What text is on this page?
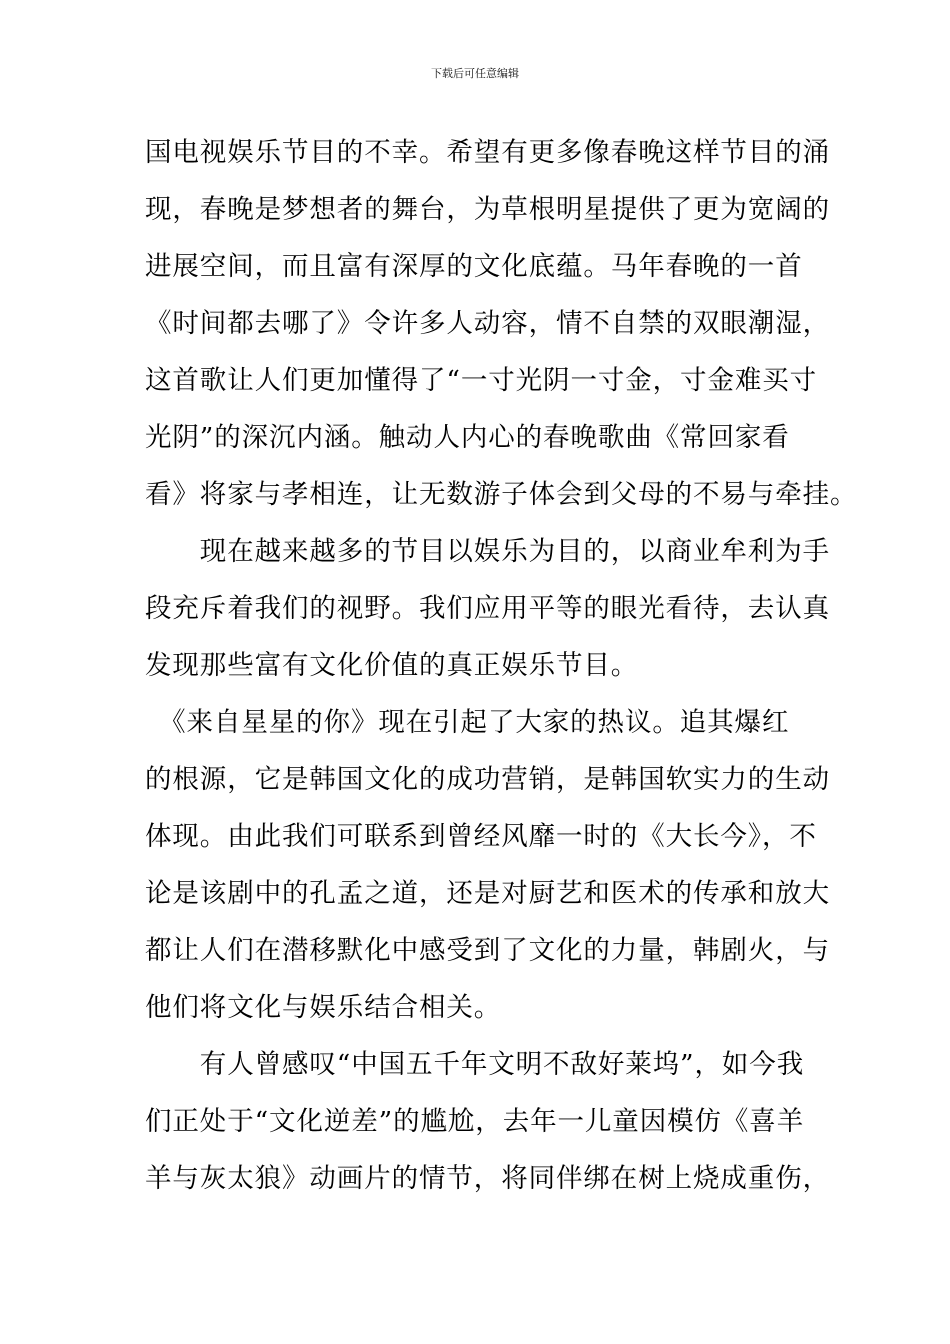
下载后可任意编辑
国电视娱乐节目的不幸。希望有更多像春晚这样节目的涌
现，春晚是梦想者的舞台，为草根明星提供了更为宽阔的
进展空间，而且富有深厚的文化底蕴。马年春晚的一首
《时间都去哪了》令许多人动容，情不自禁的双眼潮湿，
这首歌让人们更加懂得了“一寸光阴一寸金，寸金难买寸
光阴”的深沉内涵。触动人内心的春晚歌曲《常回家看
看》将家与孝相连，让无数游子体会到父母的不易与牵挂。
　　现在越来越多的节目以娱乐为目的，以商业牟利为手
段充斥着我们的视野。我们应用平等的眼光看待，去认真
发现那些富有文化价值的真正娱乐节目。
　《来自星星的你》现在引起了大家的热议。追其爆红
的根源，它是韩国文化的成功营销，是韩国软实力的生动
体现。由此我们可联系到曾经风靡一时的《大长今》，不
论是该剧中的孔孟之道，还是对厨艺和医术的传承和放大
都让人们在潜移默化中感受到了文化的力量，韩剧火，与
他们将文化与娱乐结合相关。
　　有人曾感叹“中国五千年文明不敌好莱坞”，如今我
们正处于“文化逆差”的尴尬，去年一儿童因模仿《喜羊
羊与灰太狼》动画片的情节，将同伴绑在树上烧成重伤，
